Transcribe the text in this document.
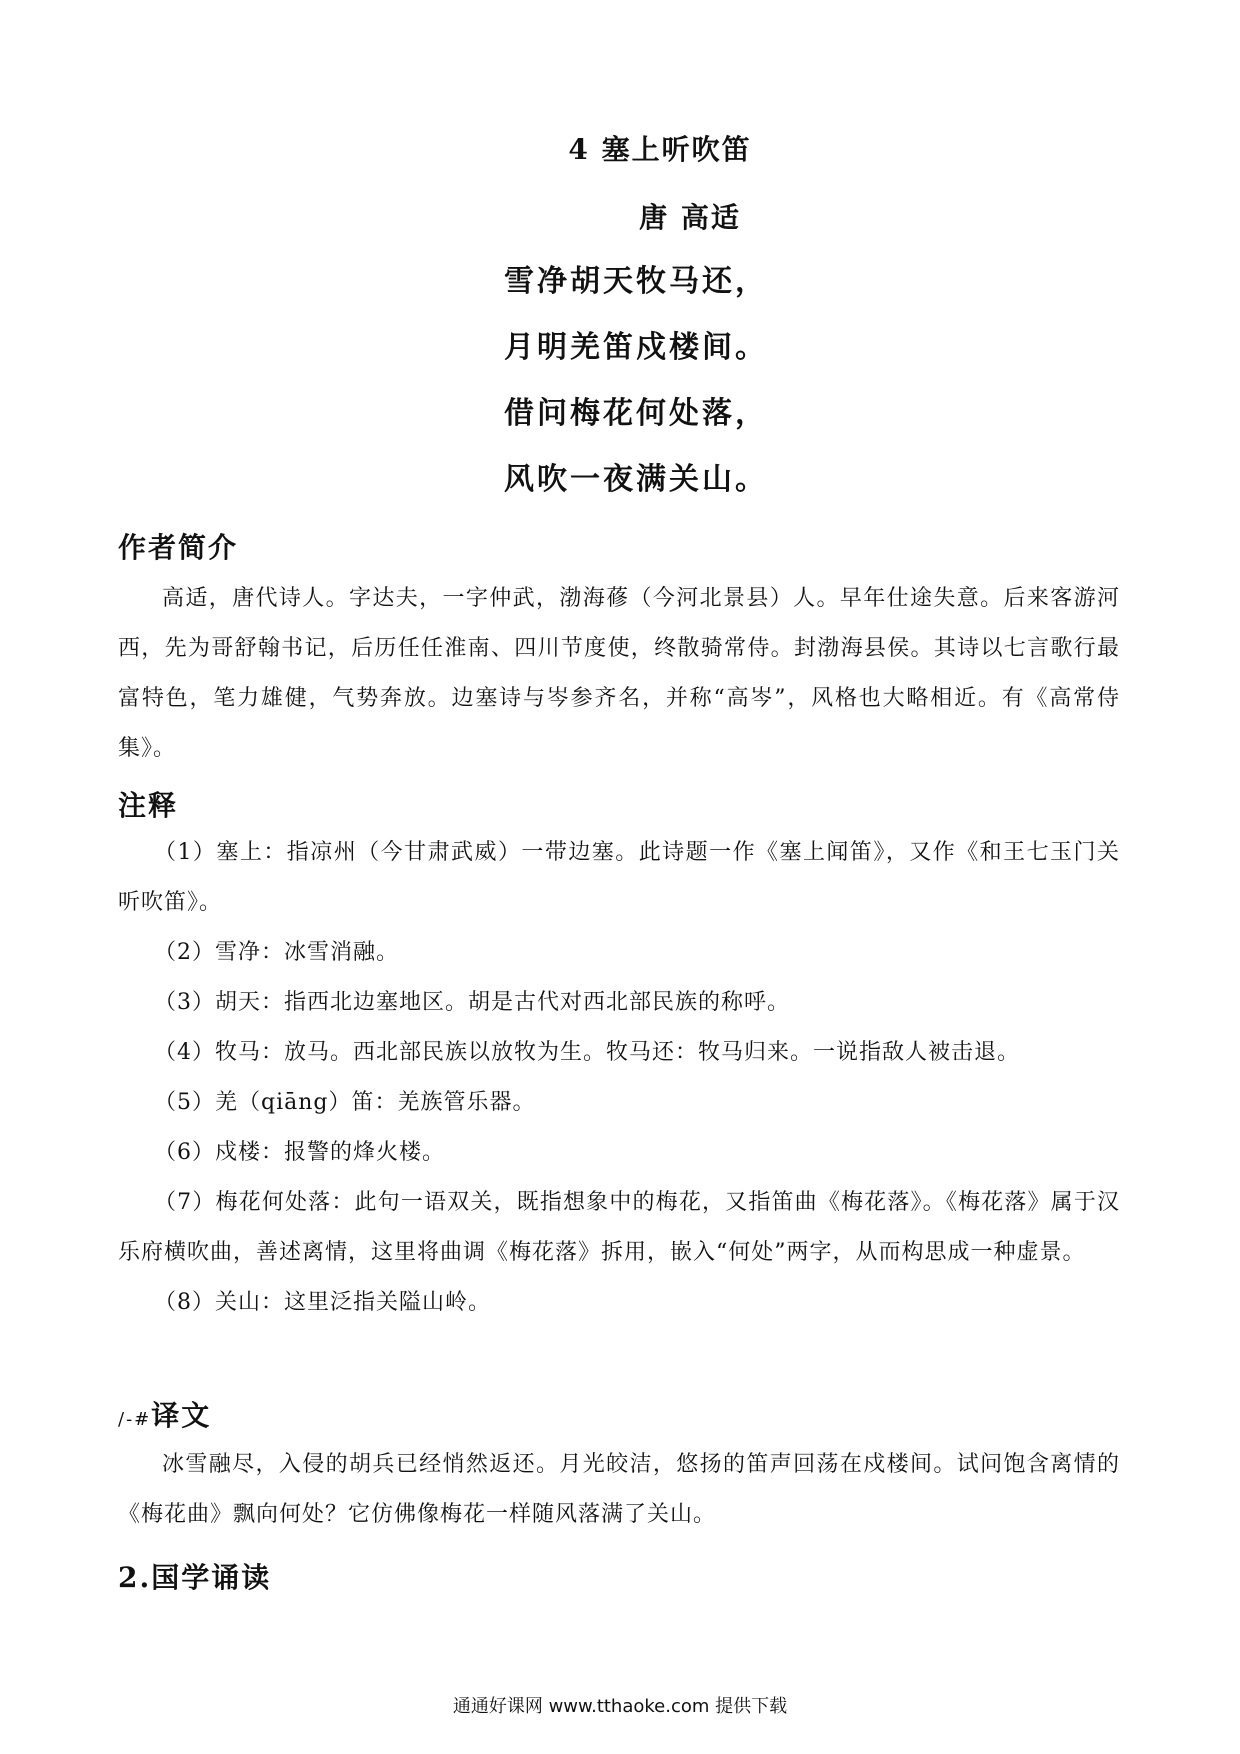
4 塞上听吹笛
唐 高适
雪净胡天牧马还，
月明羌笛戍楼间。
借问梅花何处落，
风吹一夜满关山。
作者简介

高适，唐代诗人。字达夫，一字仲武，渤海蓚（今河北景县）人。早年仕途失意。后来客游河西，先为哥舒翰书记，后历任任淮南、四川节度使，终散骑常侍。封渤海县侯。其诗以七言歌行最富特色，笔力雄健，气势奔放。边塞诗与岑参齐名，并称“高岑”，风格也大略相近。有《高常侍集》。

注释
（1）塞上：指凉州（今甘肃武威）一带边塞。此诗题一作《塞上闻笛》，又作《和王七玉门关听吹笛》。
（2）雪净：冰雪消融。
（3）胡天：指西北边塞地区。胡是古代对西北部民族的称呼。
（4）牧马：放马。西北部民族以放牧为生。牧马还：牧马归来。一说指敌人被击退。
（5）羌（qiāng）笛：羌族管乐器。
（6）戍楼：报警的烽火楼。
（7）梅花何处落：此句一语双关，既指想象中的梅花，又指笛曲《梅花落》。《梅花落》属于汉乐府横吹曲，善述离情，这里将曲调《梅花落》拆用，嵌入“何处”两字，从而构思成一种虚景。
（8）关山：这里泛指关隘山岭。
/-#译文

冰雪融尽，入侵的胡兵已经悄然返还。月光皎洁，悠扬的笛声回荡在戍楼间。试问饱含离情的《梅花曲》飘向何处？它仿佛像梅花一样随风落满了关山。

2.国学诵读
通通好课网 www.tthaoke.com 提供下载
